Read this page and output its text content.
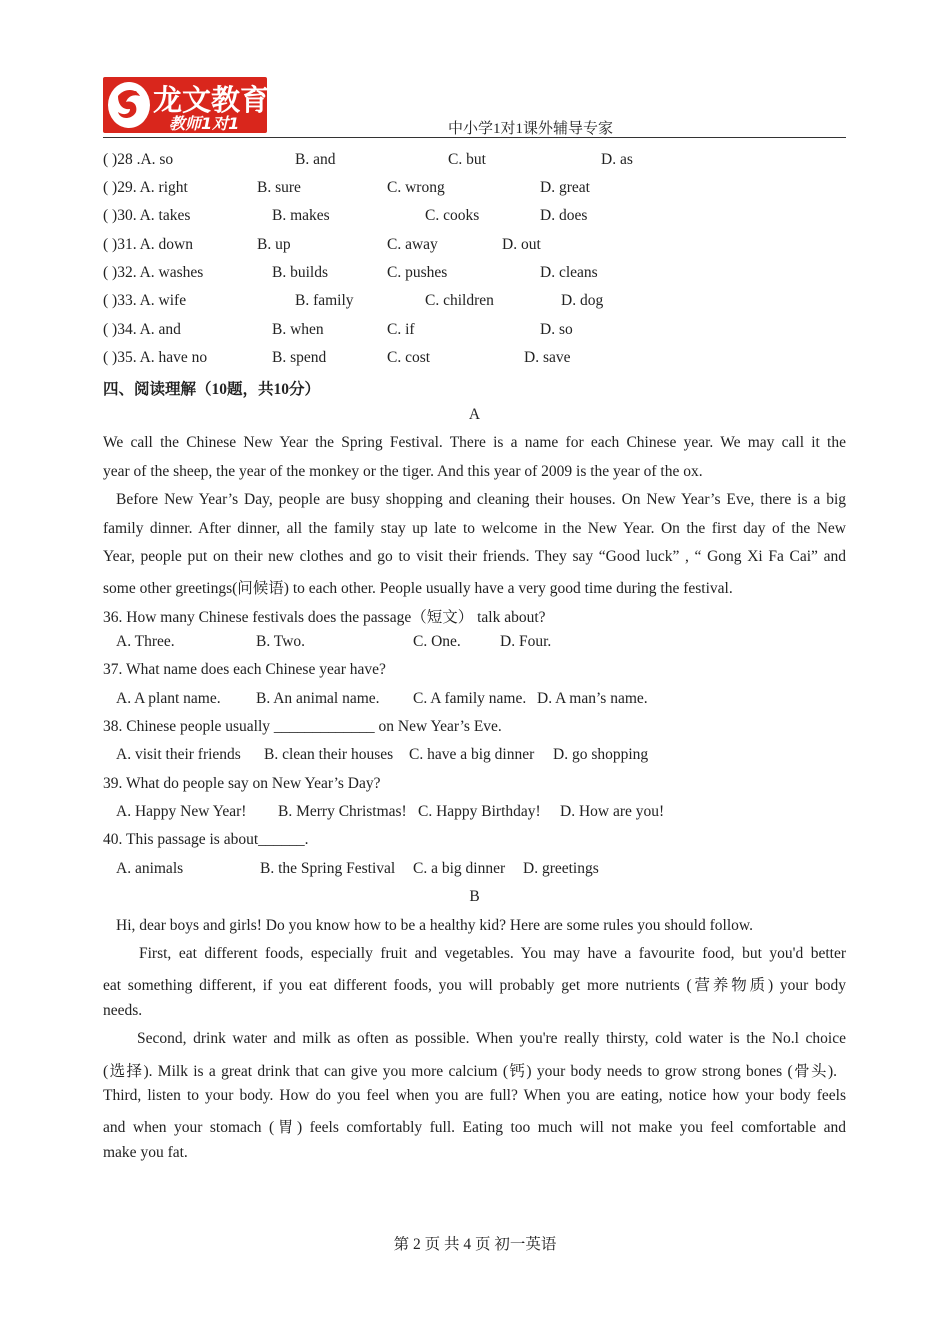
龙文教育
教师1对1	中小学1对1课外辅导专家
( )28 .A. so	B. and	C. but	D. as
( )29. A. right	B. sure	C. wrong	D. great
( )30. A. takes	B. makes	C. cooks	D. does
( )31. A. down	B. up	C. away	D. out
( )32. A. washes	B. builds	C. pushes	D. cleans
( )33. A. wife	B. family	C. children	D. dog
( )34. A. and	B. when	C. if	D. so
( )35. A. have no	B. spend	C. cost	D. save
四、阅读理解（10题，共10分）
A
We call the Chinese New Year the Spring Festival. There is a name for each Chinese year. We may call it the
year of the sheep, the year of the monkey or the tiger. And this year of 2009 is the year of the ox.
Before New Year’s Day, people are busy shopping and cleaning their houses. On New Year’s Eve, there is a big
family dinner. After dinner, all the family stay up late to welcome in the New Year. On the first day of the New
Year, people put on their new clothes and go to visit their friends. They say “Good luck” , “ Gong Xi Fa Cai” and
some other greetings(问候语) to each other. People usually have a very good time during the festival.
36. How many Chinese festivals does the passage（短文） talk about?
A. Three.	B. Two.	C. One.	D. Four.
37. What name does each Chinese year have?
A. A plant name. B. An animal name. C. A family name. D. A man’s name.
38. Chinese people usually _____________ on New Year’s Eve.
A. visit their friends B. clean their houses C. have a big dinner D. go shopping
39. What do people say on New Year’s Day?
A. Happy New Year! B. Merry Christmas! C. Happy Birthday! D. How are you!
40. This passage is about______.
A. animals	B. the Spring Festival C. a big dinner D. greetings
B
Hi, dear boys and girls! Do you know how to be a healthy kid? Here are some rules you should follow.
First, eat different foods, especially fruit and vegetables. You may have a favourite food, but you'd better
eat something different, if you eat different foods, you will probably get more nutrients (营养物质) your body
needs.
Second, drink water and milk as often as possible. When you're really thirsty, cold water is the No.l choice
(选择). Milk is a great drink that can give you more calcium (钙) your body needs to grow strong bones (骨头).
Third, listen to your body. How do you feel when you are full? When you are eating, notice how your body feels
and when your stomach (胃) feels comfortably full. Eating too much will not make you feel comfortable and
make you fat.
第 2 页 共 4 页 初一英语
